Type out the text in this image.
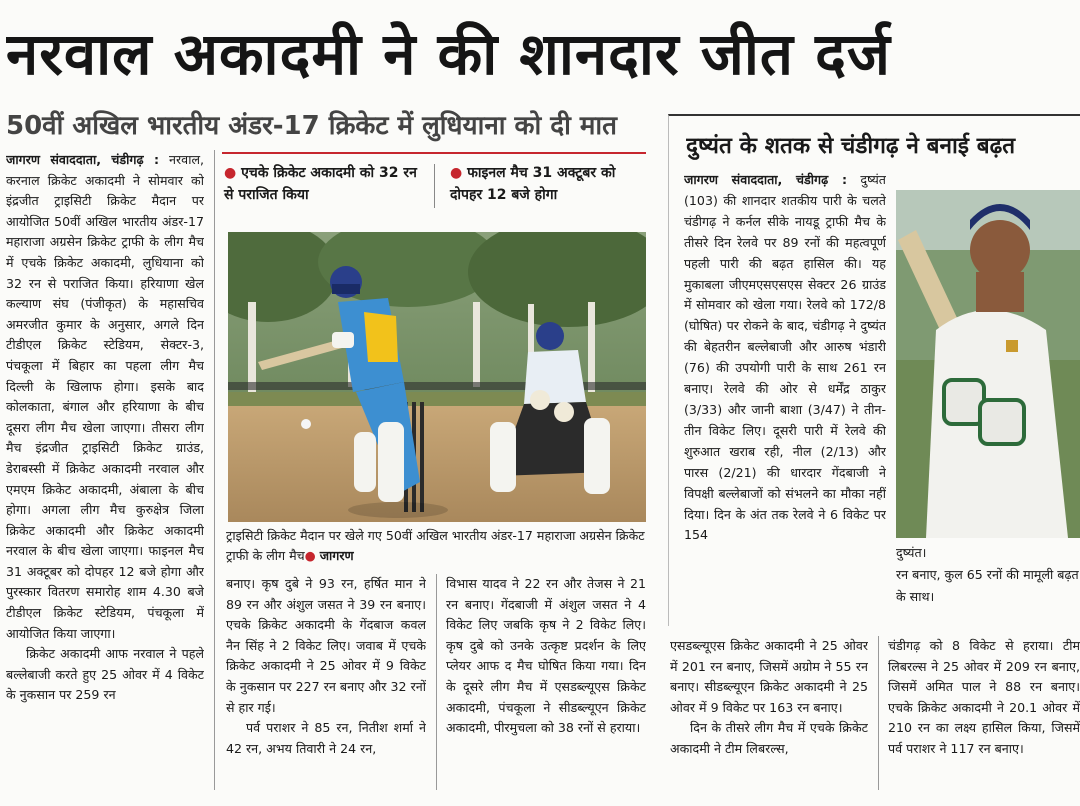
नरवाल अकादमी ने की शानदार जीत दर्ज
50वीं अखिल भारतीय अंडर-17 क्रिकेट में लुधियाना को दी मात

जागरण संवाददाता, चंडीगढ़ : नरवाल, करनाल क्रिकेट अकादमी ने सोमवार को इंद्रजीत ट्राइसिटी क्रिकेट मैदान पर आयोजित 50वीं अखिल भारतीय अंडर-17 महाराजा अग्रसेन क्रिकेट ट्राफी के लीग मैच में एचके क्रिकेट अकादमी, लुधियाना को 32 रन से पराजित किया। हरियाणा खेल कल्याण संघ (पंजीकृत) के महासचिव अमरजीत कुमार के अनुसार, अगले दिन टीडीएल क्रिकेट स्टेडियम, सेक्टर-3, पंचकूला में बिहार का पहला लीग मैच दिल्ली के खिलाफ होगा। इसके बाद कोलकाता, बंगाल और हरियाणा के बीच दूसरा लीग मैच खेला जाएगा। तीसरा लीग मैच इंद्रजीत ट्राइसिटी क्रिकेट ग्राउंड, डेराबस्सी में क्रिकेट अकादमी नरवाल और एमएम क्रिकेट अकादमी, अंबाला के बीच होगा। अगला लीग मैच कुरुक्षेत्र जिला क्रिकेट अकादमी और क्रिकेट अकादमी नरवाल के बीच खेला जाएगा। फाइनल मैच 31 अक्टूबर को दोपहर 12 बजे होगा और पुरस्कार वितरण समारोह शाम 4.30 बजे टीडीएल क्रिकेट स्टेडियम, पंचकूला में आयोजित किया जाएगा।

क्रिकेट अकादमी आफ नरवाल ने पहले बल्लेबाजी करते हुए 25 ओवर में 4 विकेट के नुकसान पर 259 रन

● एचके क्रिकेट अकादमी को 32 रन से पराजित किया
● फाइनल मैच 31 अक्टूबर को दोपहर 12 बजे होगा
ट्राइसिटी क्रिकेट मैदान पर खेले गए 50वीं अखिल भारतीय अंडर-17 महाराजा अग्रसेन क्रिकेट ट्राफी के लीग मैच● जागरण

बनाए। कृष दुबे ने 93 रन, हर्षित मान ने 89 रन और अंशुल जसत ने 39 रन बनाए। एचके क्रिकेट अकादमी के गेंदबाज कवल नैन सिंह ने 2 विकेट लिए। जवाब में एचके क्रिकेट अकादमी ने 25 ओवर में 9 विकेट के नुकसान पर 227 रन बनाए और 32 रनों से हार गई।

पर्व पराशर ने 85 रन, नितीश शर्मा ने 42 रन, अभय तिवारी ने 24 रन,

विभास यादव ने 22 रन और तेजस ने 21 रन बनाए। गेंदबाजी में अंशुल जसत ने 4 विकेट लिए जबकि कृष ने 2 विकेट लिए।कृष दुबे को उनके उत्कृष्ट प्रदर्शन के लिए प्लेयर आफ द मैच घोषित किया गया। दिन के दूसरे लीग मैच में एसडब्ल्यूएस क्रिकेट अकादमी, पंचकूला ने सीडब्ल्यूएन क्रिकेट अकादमी, पीरमुचला को 38 रनों से हराया।

दुष्यंत के शतक से चंडीगढ़ ने बनाई बढ़त

जागरण संवाददाता, चंडीगढ़ : दुष्यंत (103) की शानदार शतकीय पारी के चलते चंडीगढ़ ने कर्नल सीके नायडू ट्राफी मैच के तीसरे दिन रेलवे पर 89 रनों की महत्वपूर्ण पहली पारी की बढ़त हासिल की। यह मुकाबला जीएमएसएसएस सेक्टर 26 ग्राउंड में सोमवार को खेला गया। रेलवे को 172/8 (घोषित) पर रोकने के बाद, चंडीगढ़ ने दुष्यंत की बेहतरीन बल्लेबाजी और आरुष भंडारी (76) की उपयोगी पारी के साथ 261 रन बनाए। रेलवे की ओर से धर्मेंद्र ठाकुर (3/33) और जानी बाशा (3/47) ने तीन-तीन विकेट लिए। दूसरी पारी में रेलवे की शुरुआत खराब रही, नील (2/13) और पारस (2/21) की धारदार गेंदबाजी ने विपक्षी बल्लेबाजों को संभलने का मौका नहीं दिया। दिन के अंत तक रेलवे ने 6 विकेट पर 154

दुष्यंत।
रन बनाए, कुल 65 रनों की मामूली बढ़त के साथ।

एसडब्ल्यूएस क्रिकेट अकादमी ने 25 ओवर में 201 रन बनाए, जिसमें अग्रोम ने 55 रन बनाए। सीडब्ल्यूएन क्रिकेट अकादमी ने 25 ओवर में 9 विकेट पर 163 रन बनाए।

दिन के तीसरे लीग मैच में एचके क्रिकेट अकादमी ने टीम लिबरल्स,

चंडीगढ़ को 8 विकेट से हराया। टीम लिबरल्स ने 25 ओवर में 209 रन बनाए, जिसमें अमित पाल ने 88 रन बनाए। एचके क्रिकेट अकादमी ने 20.1 ओवर में 210 रन का लक्ष्य हासिल किया, जिसमें पर्व पराशर ने 117 रन बनाए।
